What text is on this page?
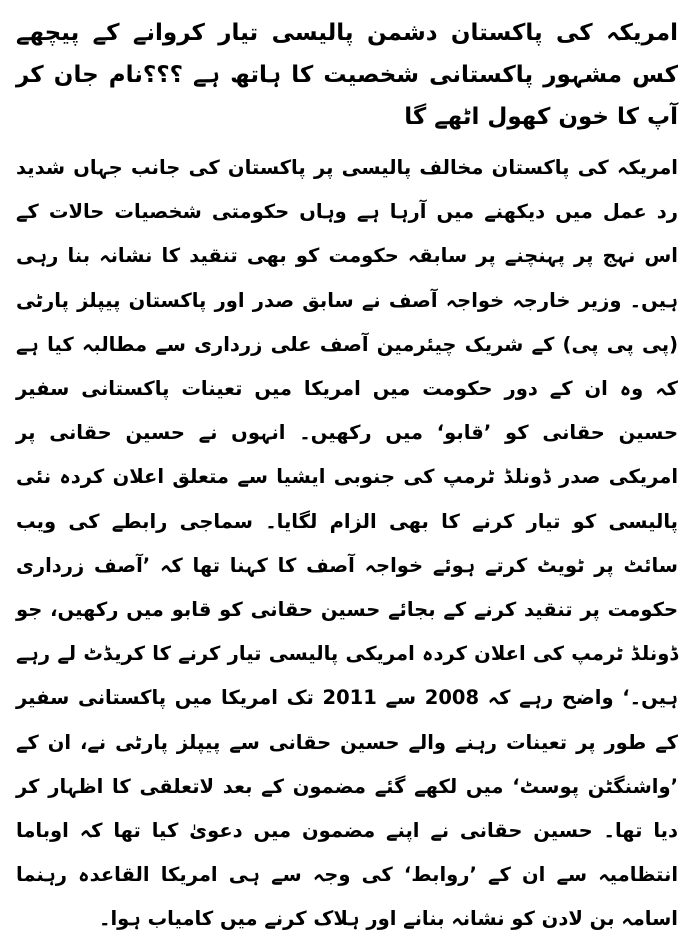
امریکہ کی پاکستان دشمن پالیسی تیار کروانے کے پیچھے کس مشہور پاکستانی شخصیت کا ہاتھ ہے ؟؟؟نام جان کر آپ کا خون کھول اٹھے گا

امریکہ کی پاکستان مخالف پالیسی پر پاکستان کی جانب جہاں شدید رد عمل میں دیکھنے میں آرہا ہے وہاں حکومتی شخصیات حالات کے اس نہج پر پہنچنے پر سابقہ حکومت کو بھی تنقید کا نشانہ بنا رہی ہیں۔ وزیر خارجہ خواجہ آصف نے سابق صدر اور پاکستان پیپلز پارٹی (پی پی پی) کے شریک چیئرمین آصف علی زرداری سے مطالبہ کیا ہے کہ وہ ان کے دور حکومت میں امریکا میں تعینات پاکستانی سفیر حسین حقانی کو ’قابو‘ میں رکھیں۔ انہوں نے حسین حقانی پر امریکی صدر ڈونلڈ ٹرمپ کی جنوبی ایشیا سے متعلق اعلان کردہ نئی پالیسی کو تیار کرنے کا بھی الزام لگایا۔ سماجی رابطے کی ویب سائٹ پر ٹویٹ کرتے ہوئے خواجہ آصف کا کہنا تھا کہ ’آصف زرداری حکومت پر تنقید کرنے کے بجائے حسین حقانی کو قابو میں رکھیں، جو ڈونلڈ ٹرمپ کی اعلان کردہ امریکی پالیسی تیار کرنے کا کریڈٹ لے رہے ہیں۔‘ واضح رہے کہ 2008 سے 2011 تک امریکا میں پاکستانی سفیر کے طور پر تعینات رہنے والے حسین حقانی سے پیپلز پارٹی نے، ان کے ’واشنگٹن پوسٹ‘ میں لکھے گئے مضمون کے بعد لاتعلقی کا اظہار کر دیا تھا۔ حسین حقانی نے اپنے مضمون میں دعویٰ کیا تھا کہ اوباما انتظامیہ سے ان کے ’روابط‘ کی وجہ سے ہی امریکا القاعدہ رہنما اسامہ بن لادن کو نشانہ بنانے اور ہلاک کرنے میں کامیاب ہوا۔
